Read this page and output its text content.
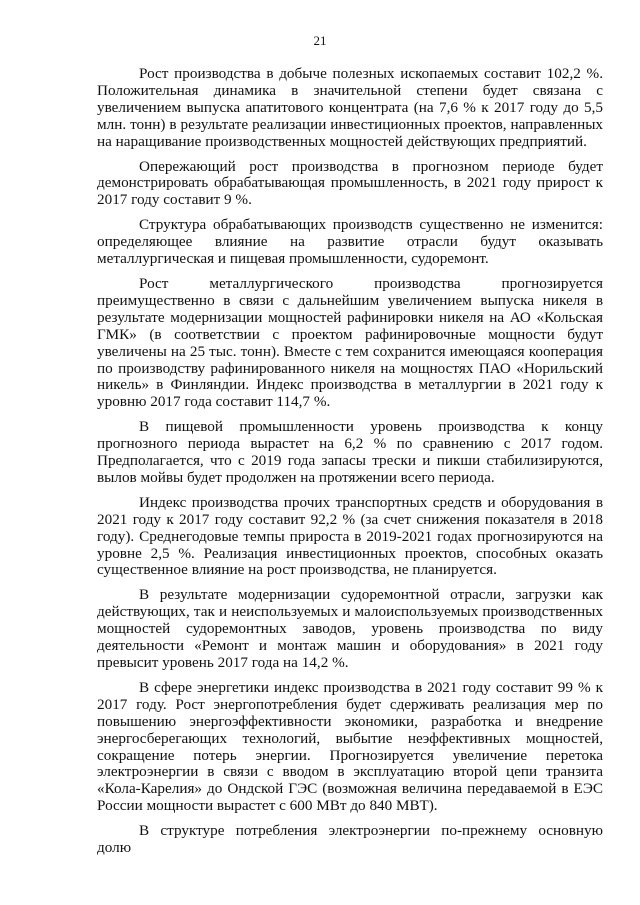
21

Рост производства в добыче полезных ископаемых составит 102,2 %. Положительная динамика в значительной степени будет связана с увеличением выпуска апатитового концентрата (на 7,6 % к 2017 году до 5,5 млн. тонн) в результате реализации инвестиционных проектов, направленных на наращивание производственных мощностей действующих предприятий.

Опережающий рост производства в прогнозном периоде будет демонстрировать обрабатывающая промышленность, в 2021 году прирост к 2017 году составит 9 %.

Структура обрабатывающих производств существенно не изменится: определяющее влияние на развитие отрасли будут оказывать металлургическая и пищевая промышленности, судоремонт.

Рост металлургического производства прогнозируется преимущественно в связи с дальнейшим увеличением выпуска никеля в результате модернизации мощностей рафинировки никеля на АО «Кольская ГМК» (в соответствии с проектом рафинировочные мощности будут увеличены на 25 тыс. тонн). Вместе с тем сохранится имеющаяся кооперация по производству рафинированного никеля на мощностях ПАО «Норильский никель» в Финляндии. Индекс производства в металлургии в 2021 году к уровню 2017 года составит 114,7 %.

В пищевой промышленности уровень производства к концу прогнозного периода вырастет на 6,2 % по сравнению с 2017 годом. Предполагается, что с 2019 года запасы трески и пикши стабилизируются, вылов мойвы будет продолжен на протяжении всего периода.

Индекс производства прочих транспортных средств и оборудования в 2021 году к 2017 году составит 92,2 % (за счет снижения показателя в 2018 году). Среднегодовые темпы прироста в 2019-2021 годах прогнозируются на уровне 2,5 %. Реализация инвестиционных проектов, способных оказать существенное влияние на рост производства, не планируется.

В результате модернизации судоремонтной отрасли, загрузки как действующих, так и неиспользуемых и малоиспользуемых производственных мощностей судоремонтных заводов, уровень производства по виду деятельности «Ремонт и монтаж машин и оборудования» в 2021 году превысит уровень 2017 года на 14,2 %.

В сфере энергетики индекс производства в 2021 году составит 99 % к 2017 году. Рост энергопотребления будет сдерживать реализация мер по повышению энергоэффективности экономики, разработка и внедрение энергосберегающих технологий, выбытие неэффективных мощностей, сокращение потерь энергии. Прогнозируется увеличение перетока электроэнергии в связи с вводом в эксплуатацию второй цепи транзита «Кола-Карелия» до Ондской ГЭС (возможная величина передаваемой в ЕЭС России мощности вырастет с 600 МВт до 840 МВТ).

В структуре потребления электроэнергии по-прежнему основную долю
